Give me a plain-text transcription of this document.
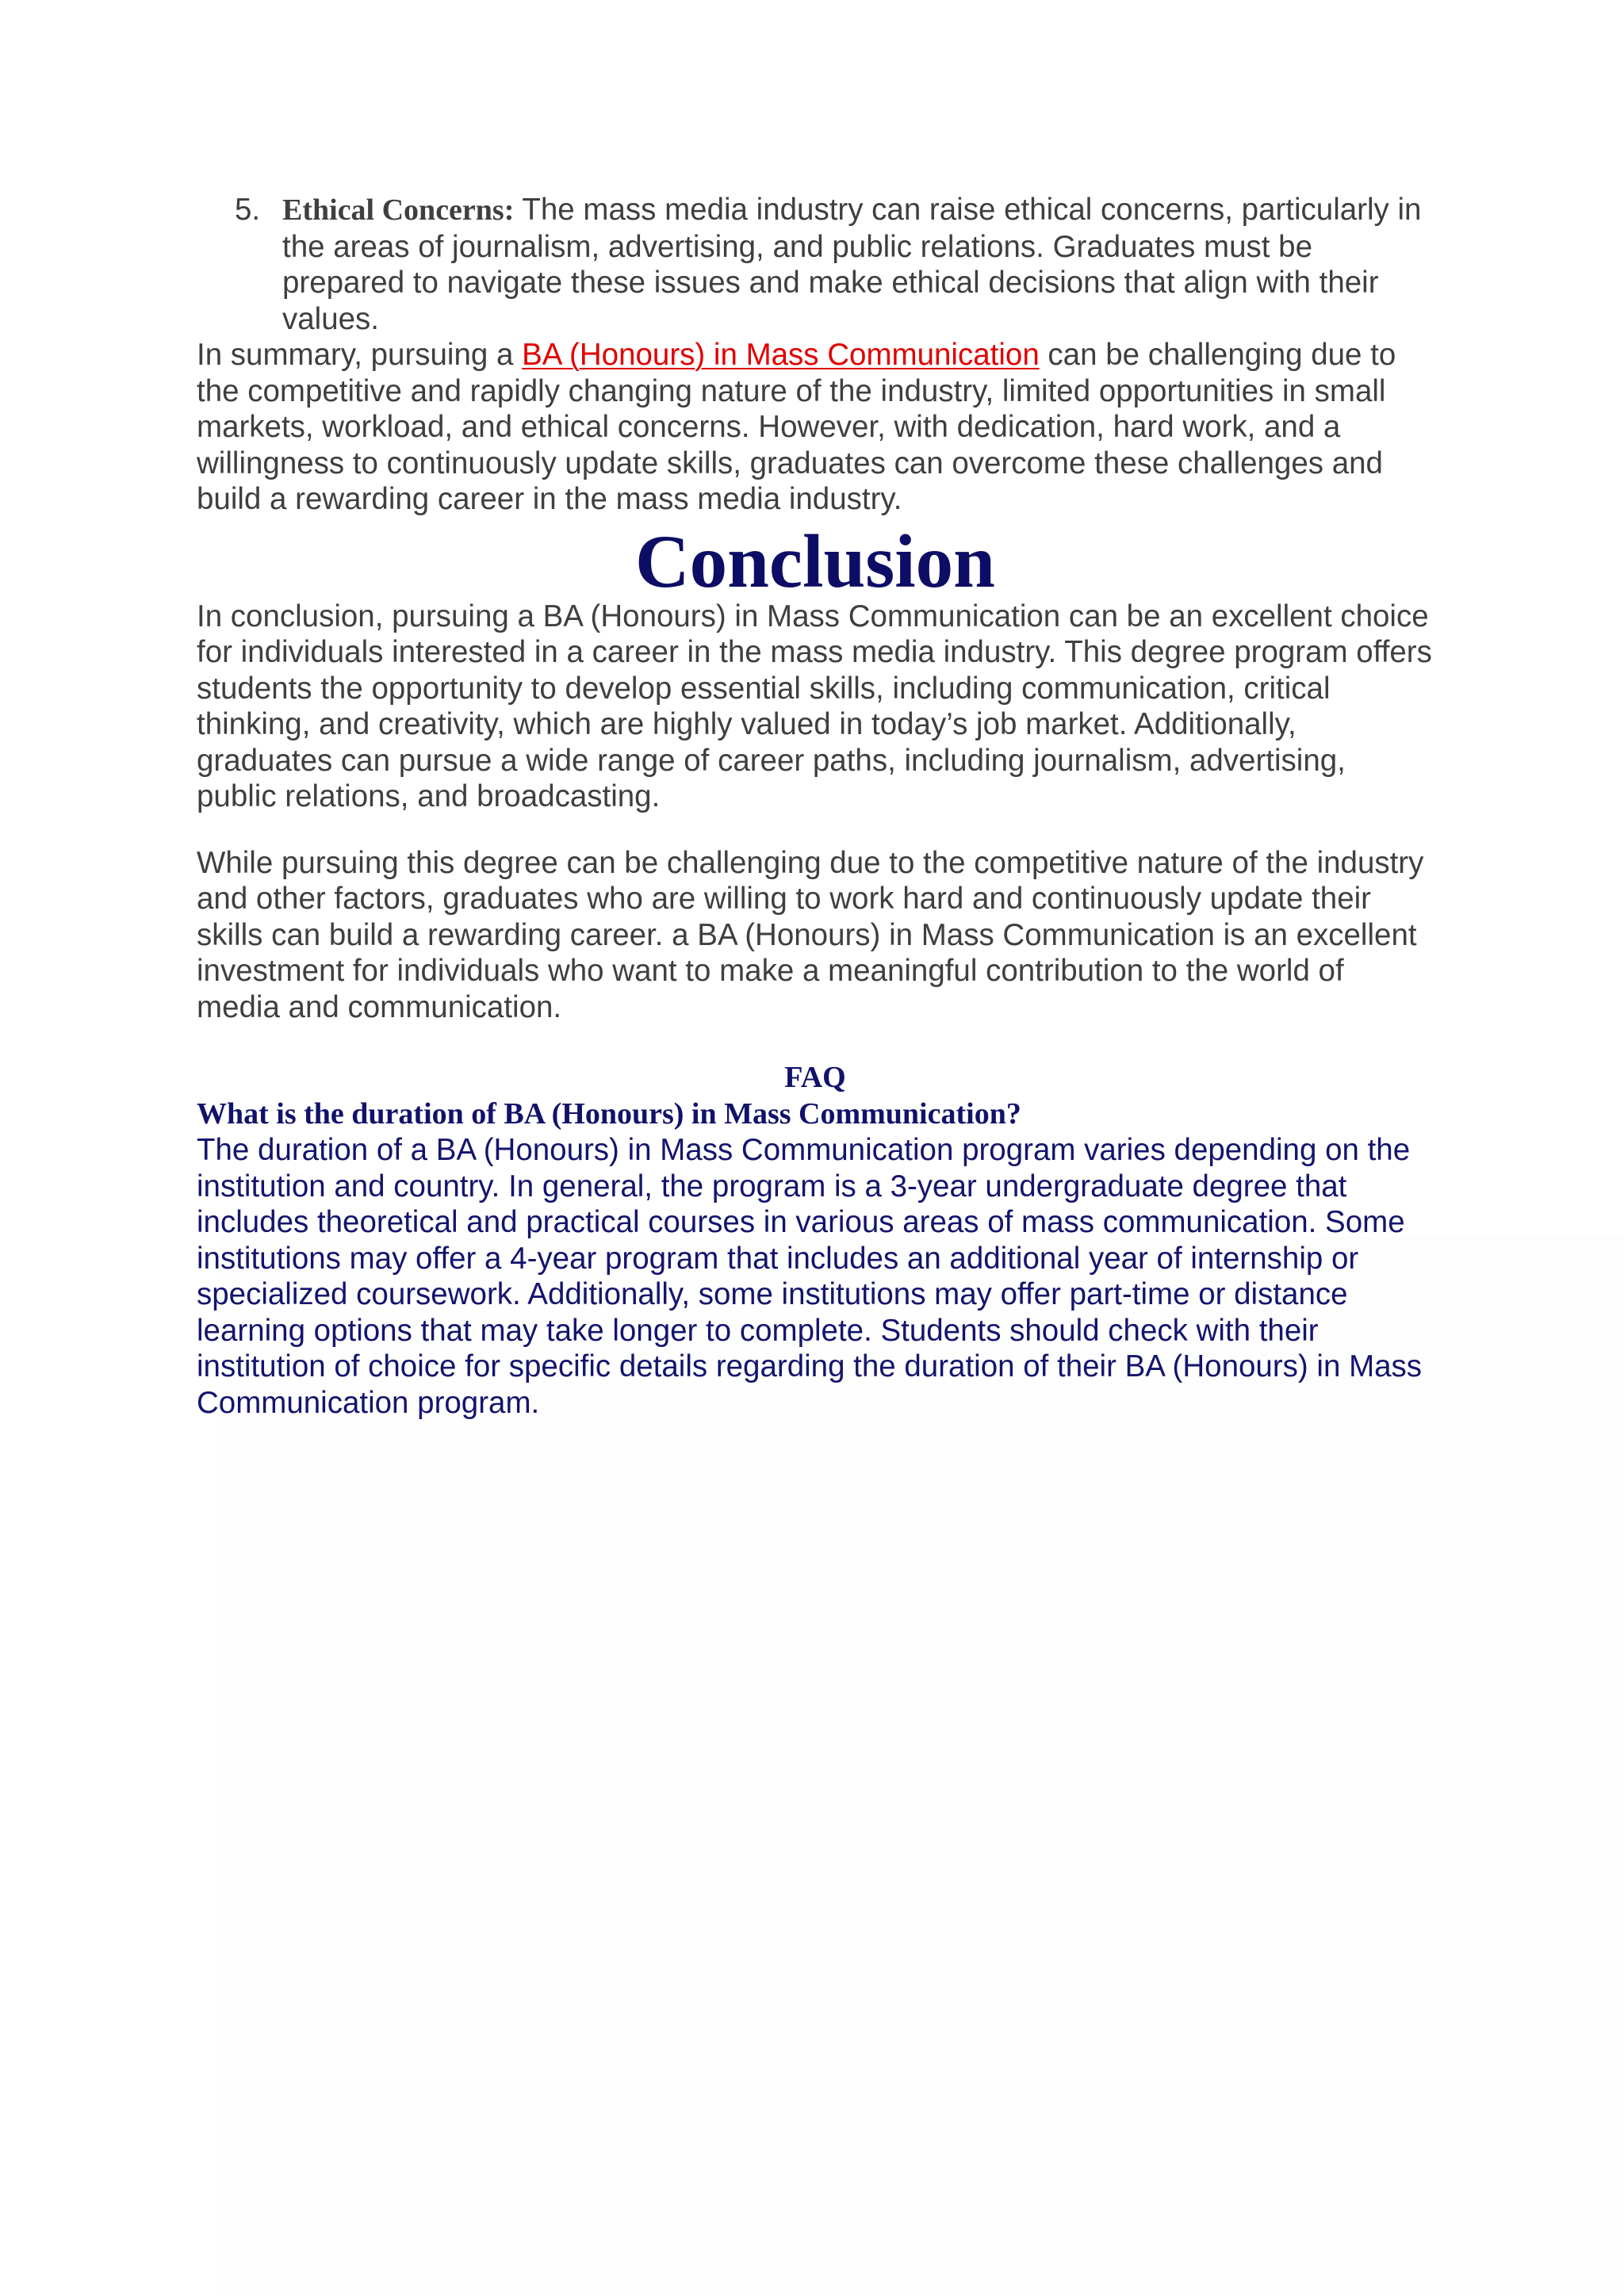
5. Ethical Concerns: The mass media industry can raise ethical concerns, particularly in the areas of journalism, advertising, and public relations. Graduates must be prepared to navigate these issues and make ethical decisions that align with their values.

In summary, pursuing a BA (Honours) in Mass Communication can be challenging due to the competitive and rapidly changing nature of the industry, limited opportunities in small markets, workload, and ethical concerns. However, with dedication, hard work, and a willingness to continuously update skills, graduates can overcome these challenges and build a rewarding career in the mass media industry.

Conclusion

In conclusion, pursuing a BA (Honours) in Mass Communication can be an excellent choice for individuals interested in a career in the mass media industry. This degree program offers students the opportunity to develop essential skills, including communication, critical thinking, and creativity, which are highly valued in today’s job market. Additionally, graduates can pursue a wide range of career paths, including journalism, advertising, public relations, and broadcasting.

While pursuing this degree can be challenging due to the competitive nature of the industry and other factors, graduates who are willing to work hard and continuously update their skills can build a rewarding career. a BA (Honours) in Mass Communication is an excellent investment for individuals who want to make a meaningful contribution to the world of media and communication.

FAQ
What is the duration of BA (Honours) in Mass Communication?

The duration of a BA (Honours) in Mass Communication program varies depending on the institution and country. In general, the program is a 3-year undergraduate degree that includes theoretical and practical courses in various areas of mass communication. Some institutions may offer a 4-year program that includes an additional year of internship or specialized coursework. Additionally, some institutions may offer part-time or distance learning options that may take longer to complete. Students should check with their institution of choice for specific details regarding the duration of their BA (Honours) in Mass Communication program.
